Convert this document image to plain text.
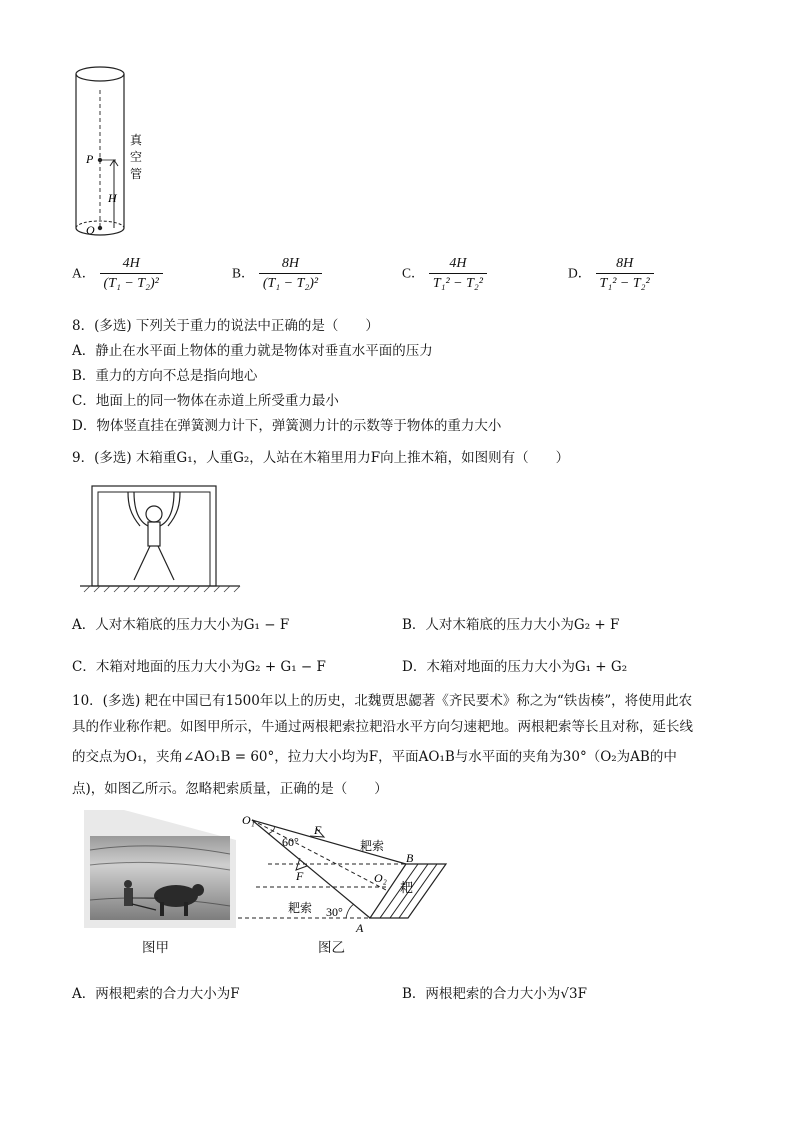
P
O
H
真
空
管
A． $\frac{4H}{\text{(T₁ − T₂)²}}$	B． $\frac{8H}{\text{(T₁ − T₂)²}}$	C． $\frac{4H}{\text{T₁² − T₂²}}$	D． $\frac{8H}{\text{T₁² − T₂²}}$
8．(多选) 下列关于重力的说法中正确的是（　　）
A．静止在水平面上物体的重力就是物体对垂直水平面的压力
B．重力的方向不总是指向地心
C．地面上的同一物体在赤道上所受重力最小
D．物体竖直挂在弹簧测力计下，弹簧测力计的示数等于物体的重力大小
9．(多选) 木箱重G₁，人重G₂，人站在木箱里用力F向上推木箱，如图则有（　　）
A．人对木箱底的压力大小为G₁ − F	B．人对木箱底的压力大小为G₂ + F
C．木箱对地面的压力大小为G₂ + G₁ − F	D．木箱对地面的压力大小为G₁ + G₂
10．(多选) 耙在中国已有1500年以上的历史，北魏贾思勰著《齐民要术》称之为“铁齿楱”，将使用此农
具的作业称作耙。如图甲所示，牛通过两根耙索拉耙沿水平方向匀速耙地。两根耙索等长且对称，延长线
的交点为O₁，夹角∠AO₁B = 60°，拉力大小均为F，平面AO₁B与水平面的夹角为30°（O₂为AB的中
点)，如图乙所示。忽略耙索质量，正确的是（　　）
图甲
O₁
F
60°	耙索
B
F	O₂
耙
耙索 30°
A
图乙
A．两根耙索的合力大小为F	B．两根耙索的合力大小为√3F
